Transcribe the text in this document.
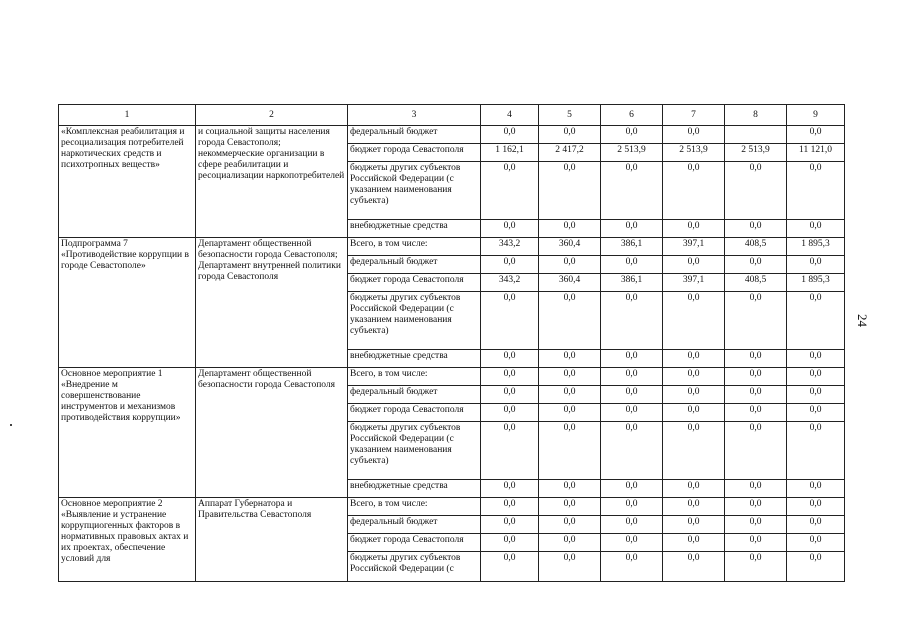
1	2	3	4	5	6	7	8	9
«Комплексная реабилитация и ресоциализация потребителей наркотических средств и психотропных веществ»	и социальной защиты населения города Севастополя; некоммерческие организации в сфере реабилитации и ресоциализации наркопотребителей	федеральный бюджет	0,0	0,0	0,0	0,0		0,0
		бюджет города Севастополя	1 162,1	2 417,2	2 513,9	2 513,9	2 513,9	11 121,0
		бюджеты других субъектов Российской Федерации (с указанием наименования субъекта)	0,0	0,0	0,0	0,0	0,0	0,0
		внебюджетные средства	0,0	0,0	0,0	0,0	0,0	0,0
Подпрограмма 7 «Противодействие коррупции в городе Севастополе»	Департамент общественной безопасности города Севастополя; Департамент внутренней политики города Севастополя	Всего, в том числе:	343,2	360,4	386,1	397,1	408,5	1 895,3
		федеральный бюджет	0,0	0,0	0,0	0,0	0,0	0,0
		бюджет города Севастополя	343,2	360,4	386,1	397,1	408,5	1 895,3
		бюджеты других субъектов Российской Федерации (с указанием наименования субъекта)	0,0	0,0	0,0	0,0	0,0	0,0
		внебюджетные средства	0,0	0,0	0,0	0,0	0,0	0,0
Основное мероприятие 1 «Внедрение м совершенствование инструментов и механизмов противодействия коррупции»	Департамент общественной безопасности города Севастополя	Всего, в том числе:	0,0	0,0	0,0	0,0	0,0	0,0
		федеральный бюджет	0,0	0,0	0,0	0,0	0,0	0,0
		бюджет города Севастополя	0,0	0,0	0,0	0,0	0,0	0,0
		бюджеты других субъектов Российской Федерации (с указанием наименования субъекта)	0,0	0,0	0,0	0,0	0,0	0,0
		внебюджетные средства	0,0	0,0	0,0	0,0	0,0	0,0
Основное мероприятие 2 «Выявление и устранение коррупциогенных факторов в нормативных правовых актах и их проектах, обеспечение условий для	Аппарат Губернатора и Правительства Севастополя	Всего, в том числе:	0,0	0,0	0,0	0,0	0,0	0,0
		федеральный бюджет	0,0	0,0	0,0	0,0	0,0	0,0
		бюджет города Севастополя	0,0	0,0	0,0	0,0	0,0	0,0
		бюджеты других субъектов Российской Федерации (с	0,0	0,0	0,0	0,0	0,0	0,0
24
